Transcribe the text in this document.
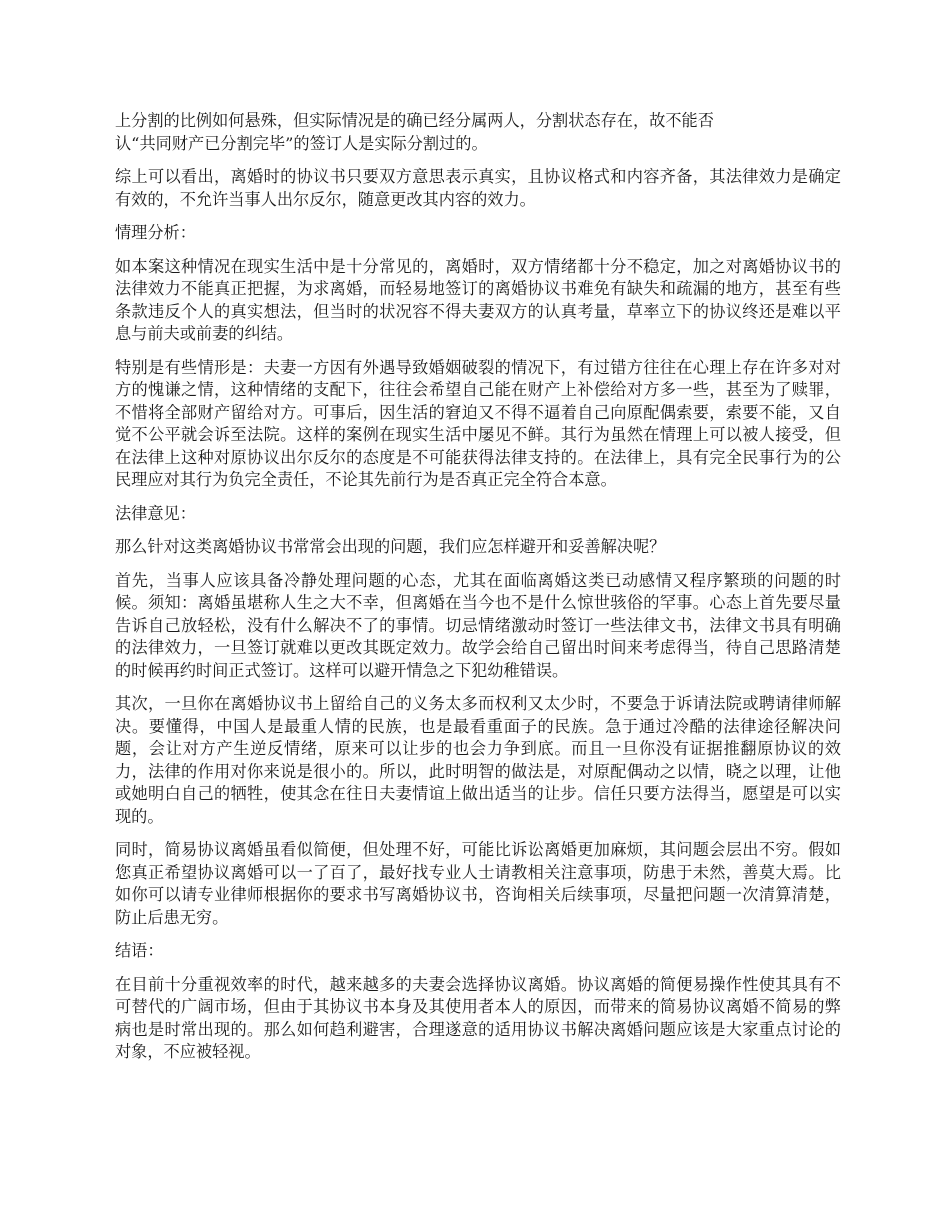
上分割的比例如何悬殊，但实际情况是的确已经分属两人，分割状态存在，故不能否
认“共同财产已分割完毕”的签订人是实际分割过的。

综上可以看出，离婚时的协议书只要双方意思表示真实，且协议格式和内容齐备，其法律效力是确定有效的，不允许当事人出尔反尔，随意更改其内容的效力。

情理分析：

如本案这种情况在现实生活中是十分常见的，离婚时，双方情绪都十分不稳定，加之对离婚协议书的法律效力不能真正把握，为求离婚，而轻易地签订的离婚协议书难免有缺失和疏漏的地方，甚至有些条款违反个人的真实想法，但当时的状况容不得夫妻双方的认真考量，草率立下的协议终还是难以平息与前夫或前妻的纠结。

特别是有些情形是：夫妻一方因有外遇导致婚姻破裂的情况下，有过错方往往在心理上存在许多对对方的愧谦之情，这种情绪的支配下，往往会希望自己能在财产上补偿给对方多一些，甚至为了赎罪，不惜将全部财产留给对方。可事后，因生活的窘迫又不得不逼着自己向原配偶索要，索要不能，又自觉不公平就会诉至法院。这样的案例在现实生活中屡见不鲜。其行为虽然在情理上可以被人接受，但在法律上这种对原协议出尔反尔的态度是不可能获得法律支持的。在法律上，具有完全民事行为的公民理应对其行为负完全责任，不论其先前行为是否真正完全符合本意。

法律意见：

那么针对这类离婚协议书常常会出现的问题，我们应怎样避开和妥善解决呢？

首先，当事人应该具备冷静处理问题的心态，尤其在面临离婚这类已动感情又程序繁琐的问题的时候。须知：离婚虽堪称人生之大不幸，但离婚在当今也不是什么惊世骇俗的罕事。心态上首先要尽量告诉自己放轻松，没有什么解决不了的事情。切忌情绪激动时签订一些法律文书，法律文书具有明确的法律效力，一旦签订就难以更改其既定效力。故学会给自己留出时间来考虑得当，待自己思路清楚的时候再约时间正式签订。这样可以避开情急之下犯幼稚错误。

其次，一旦你在离婚协议书上留给自己的义务太多而权利又太少时，不要急于诉请法院或聘请律师解决。要懂得，中国人是最重人情的民族，也是最看重面子的民族。急于通过冷酷的法律途径解决问题，会让对方产生逆反情绪，原来可以让步的也会力争到底。而且一旦你没有证据推翻原协议的效力，法律的作用对你来说是很小的。所以，此时明智的做法是，对原配偶动之以情，晓之以理，让他或她明白自己的牺牲，使其念在往日夫妻情谊上做出适当的让步。信任只要方法得当，愿望是可以实现的。

同时，简易协议离婚虽看似简便，但处理不好，可能比诉讼离婚更加麻烦，其问题会层出不穷。假如您真正希望协议离婚可以一了百了，最好找专业人士请教相关注意事项，防患于未然，善莫大焉。比如你可以请专业律师根据你的要求书写离婚协议书，咨询相关后续事项，尽量把问题一次清算清楚，防止后患无穷。

结语：

在目前十分重视效率的时代，越来越多的夫妻会选择协议离婚。协议离婚的简便易操作性使其具有不可替代的广阔市场，但由于其协议书本身及其使用者本人的原因，而带来的简易协议离婚不简易的弊病也是时常出现的。那么如何趋利避害，合理遂意的适用协议书解决离婚问题应该是大家重点讨论的对象，不应被轻视。
